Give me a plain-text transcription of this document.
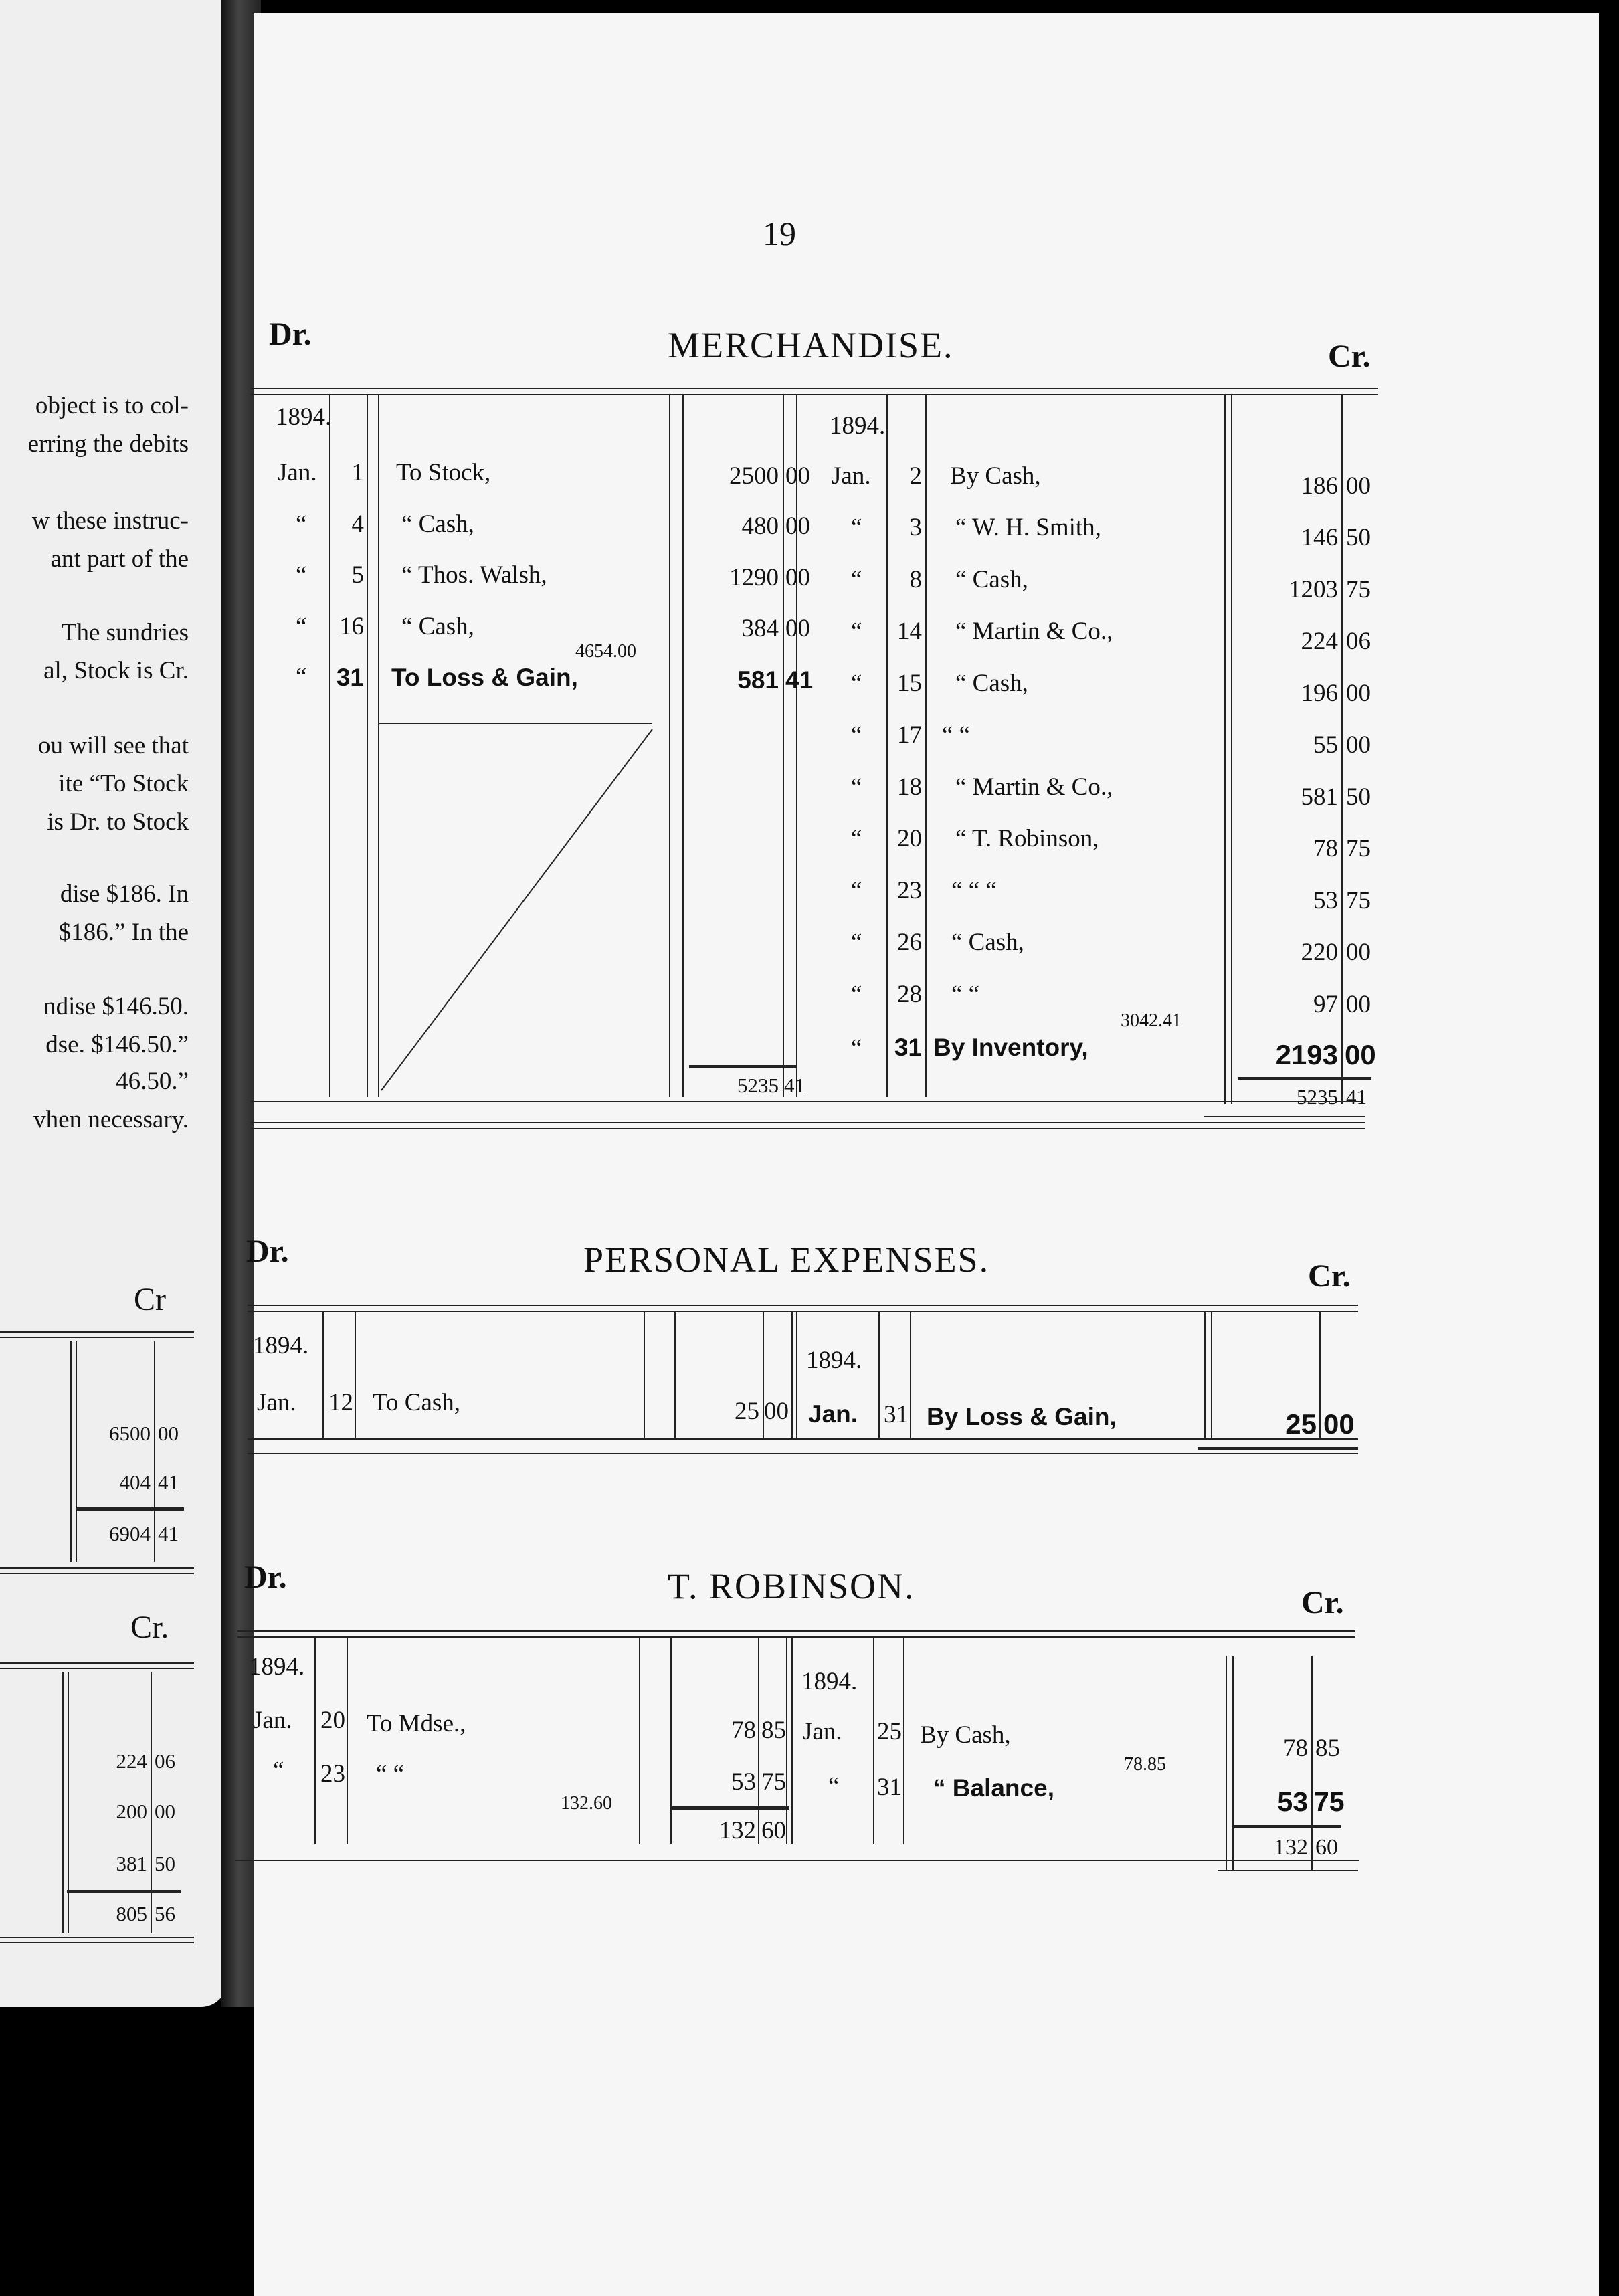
object is to col-
erring the debits
w these instruc-
ant part of the
The sundries
al, Stock is Cr.
ou will see that
ite “To Stock
is Dr. to Stock
dise $186. In
$186.” In the
ndise $146.50.
dse. $146.50.”
46.50.”
vhen necessary.
Cr
6500 00
404 41
6904 41
Cr.
224 06
200 00
381 50
805 56
19
Dr.	MERCHANDISE.	Cr.
1894.	1894.
Jan.	1 To Stock,	2500 00
“	4 “ Cash,	480 00
“	5 “ Thos. Walsh,	1290 00
“ 16 “ Cash,	384 00
4654.00
“ 31 To Loss & Gain,	581 41
5235 41
Jan.	2 By Cash,	186 00
“	3 “ W. H. Smith,	146 50
“	8 “ Cash,	1203 75
“ 14 “ Martin & Co.,	224 06
“ 15 “ Cash,	196 00
“ 17 “ “	55 00
“ 18 “ Martin & Co.,	581 50
“ 20 “ T. Robinson,	78 75
“ 23 “ “ “	53 75
“ 26 “ Cash,	220 00
“ 28 “ “	97 00
3042.41
“ 31 By Inventory,	2193 00
5235 41
Dr.	PERSONAL EXPENSES.	Cr.
1894.
1894.
Jan. 12 To Cash,	25 00 Jan. 31 By Loss & Gain,	25 00
Dr.	T. ROBINSON.	Cr.
1894.
1894.
Jan. 20 To Mdse.,	78 85
“ 23 “ “	53 75
132.60
132 60
Jan. 25 By Cash,	78 85
78.85
“ 31 “ Balance,	53 75
132 60
